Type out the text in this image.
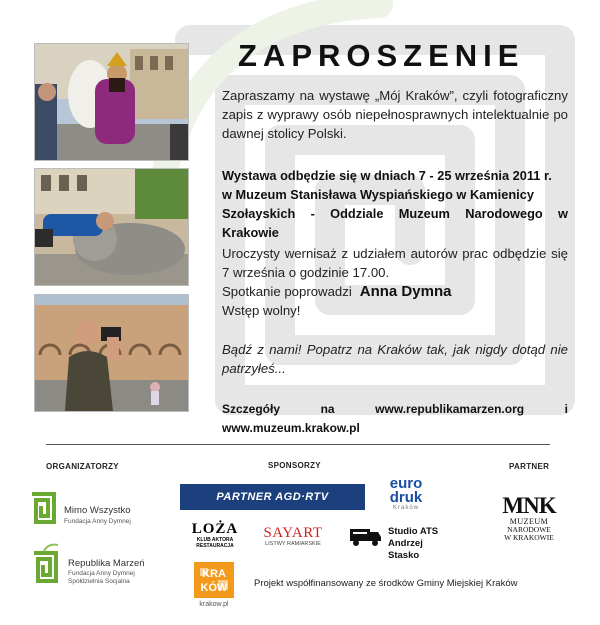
ZAPROSZENIE
Zapraszamy na wystawę „Mój Kraków”, czyli fotograficzny zapis z wyprawy osób niepełnosprawnych intelektualnie po dawnej stolicy Polski.
Wystawa odbędzie się w dniach 7 - 25 września 2011 r.
w Muzeum Stanisława Wyspiańskiego w Kamienicy
Szołayskich - Oddziale Muzeum Narodowego w Krakowie
Uroczysty wernisaż z udziałem autorów prac odbędzie się 7 września o godzinie 17.00.
Spotkanie poprowadzi Anna Dymna
Wstęp wolny!
Bądź z nami! Popatrz na Kraków tak, jak nigdy dotąd nie patrzyłeś...
Szczegóły na www.republikamarzen.org i www.muzeum.krakow.pl
ORGANIZATORZY	SPONSORZY	PARTNER
Mimo Wszystko
Fundacja Anny Dymnej
Republika Marzeń
Fundacja Anny Dymnej
Spółdzielnia Socjalna
PARTNER AGD·RTV
euro
druk
Kraków
LOŻA
KLUB AKTORA
RESTAURACJA
SAYART
LISTWY RAMIARSKIE
Studio ATS
Andrzej Stasko
KRA
KÓW
krakow.pl
Projekt współfinansowany ze środków Gminy Miejskiej Kraków
MNK
MUZEUM
NARODOWE
W KRAKOWIE
